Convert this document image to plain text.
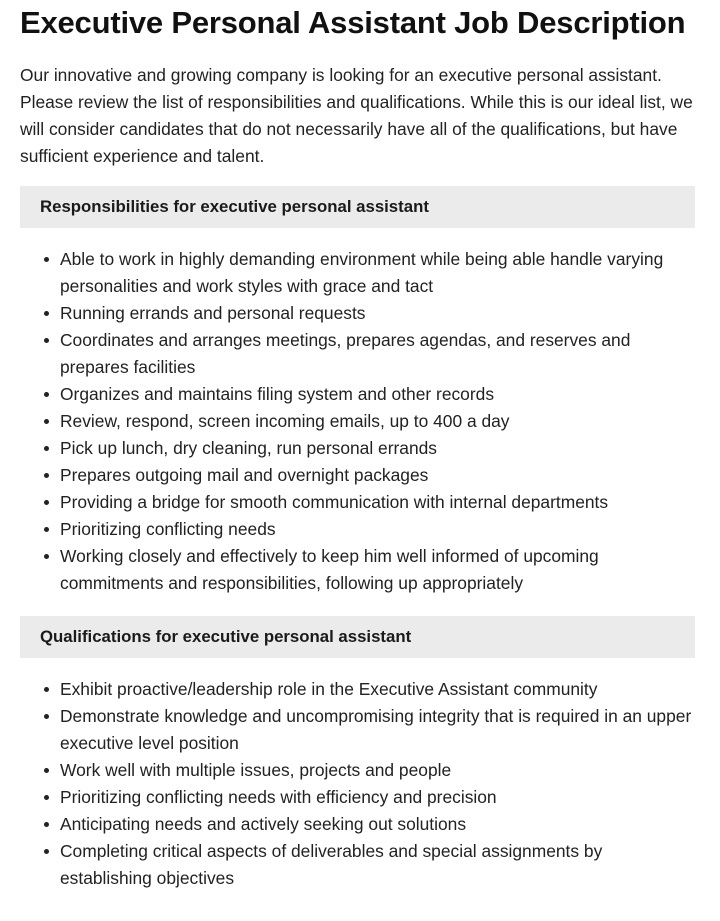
Executive Personal Assistant Job Description

Our innovative and growing company is looking for an executive personal assistant. Please review the list of responsibilities and qualifications. While this is our ideal list, we will consider candidates that do not necessarily have all of the qualifications, but have sufficient experience and talent.

Responsibilities for executive personal assistant
Able to work in highly demanding environment while being able handle varying personalities and work styles with grace and tact
Running errands and personal requests
Coordinates and arranges meetings, prepares agendas, and reserves and prepares facilities
Organizes and maintains filing system and other records
Review, respond, screen incoming emails, up to 400 a day
Pick up lunch, dry cleaning, run personal errands
Prepares outgoing mail and overnight packages
Providing a bridge for smooth communication with internal departments
Prioritizing conflicting needs
Working closely and effectively to keep him well informed of upcoming commitments and responsibilities, following up appropriately
Qualifications for executive personal assistant
Exhibit proactive/leadership role in the Executive Assistant community
Demonstrate knowledge and uncompromising integrity that is required in an upper executive level position
Work well with multiple issues, projects and people
Prioritizing conflicting needs with efficiency and precision
Anticipating needs and actively seeking out solutions
Completing critical aspects of deliverables and special assignments by establishing objectives
